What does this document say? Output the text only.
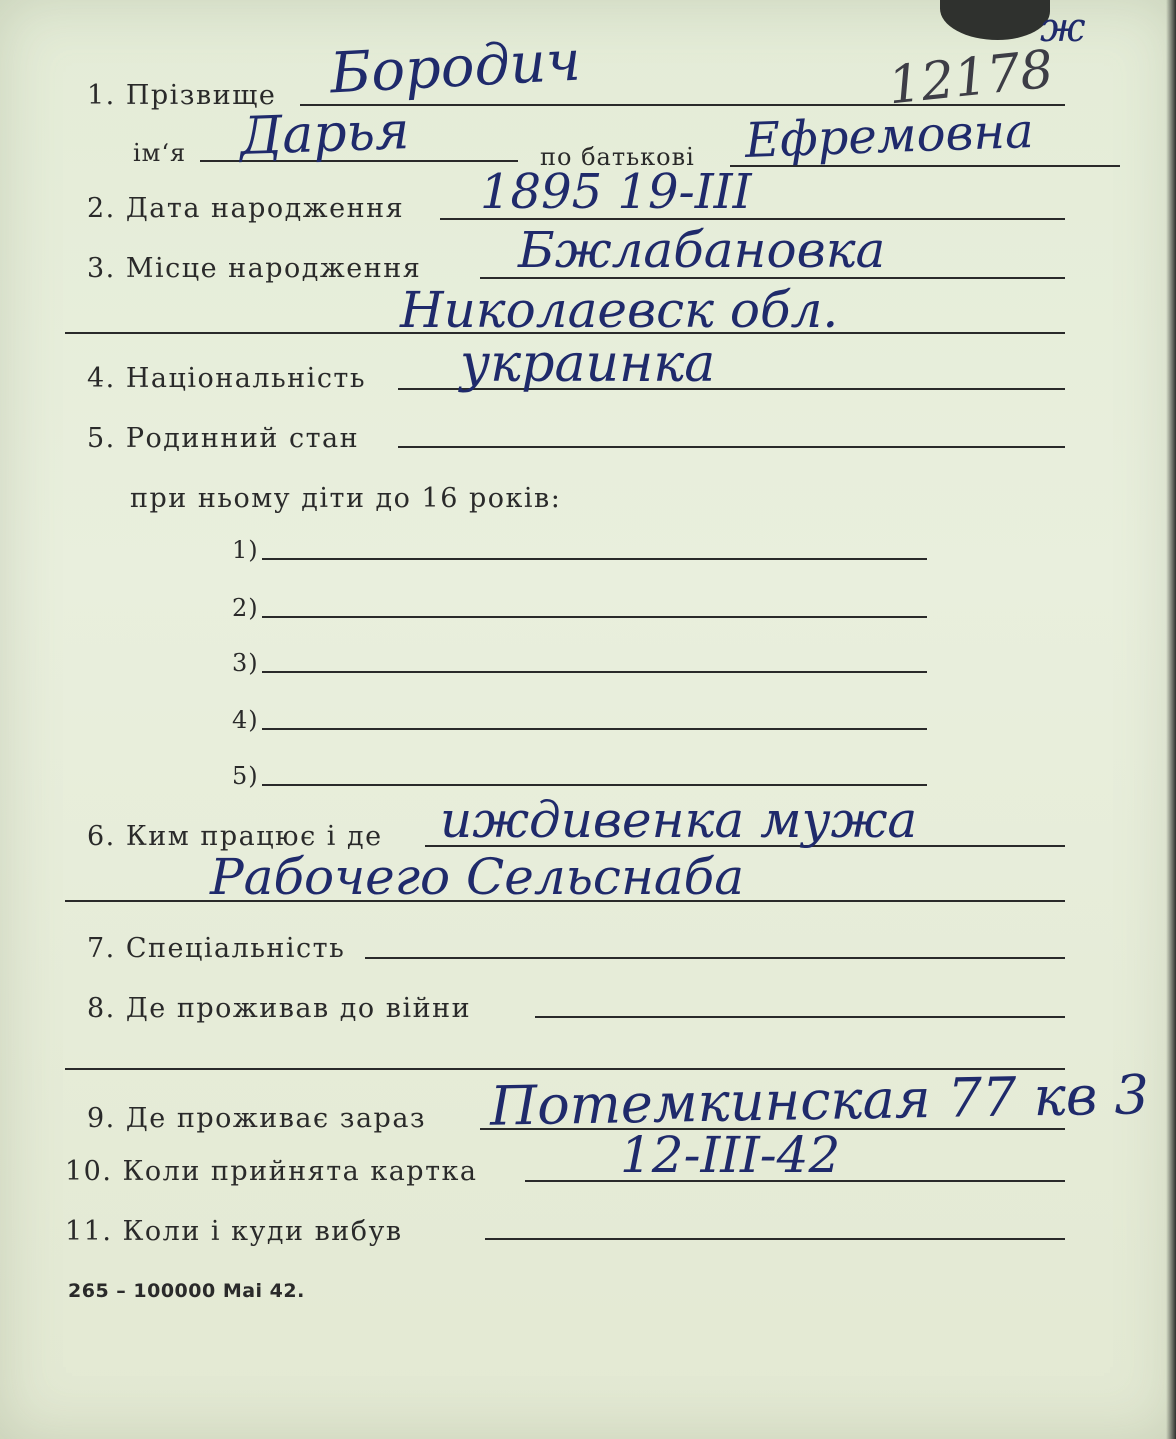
ж
12178
1. Прізвище Бородич
ім‘я Дарья	по батькові Ефремовна
2. Дата народження 1895 19-III
3. Місце народження Бжлабановка
Николаевск обл.
4. Національність украинка
5. Родинний стан
при ньому діти до 16 років:
1)
2)
3)
4)
5)
6. Ким працює і де иждивенка мужа
Рабочего Сельснаба
7. Спеціальність
8. Де проживав до війни
9. Де проживає зараз Потемкинская 77 кв 3
10. Коли прийнята картка	12-III-42
11. Коли і куди вибув
265 – 100000 Mai 42.
